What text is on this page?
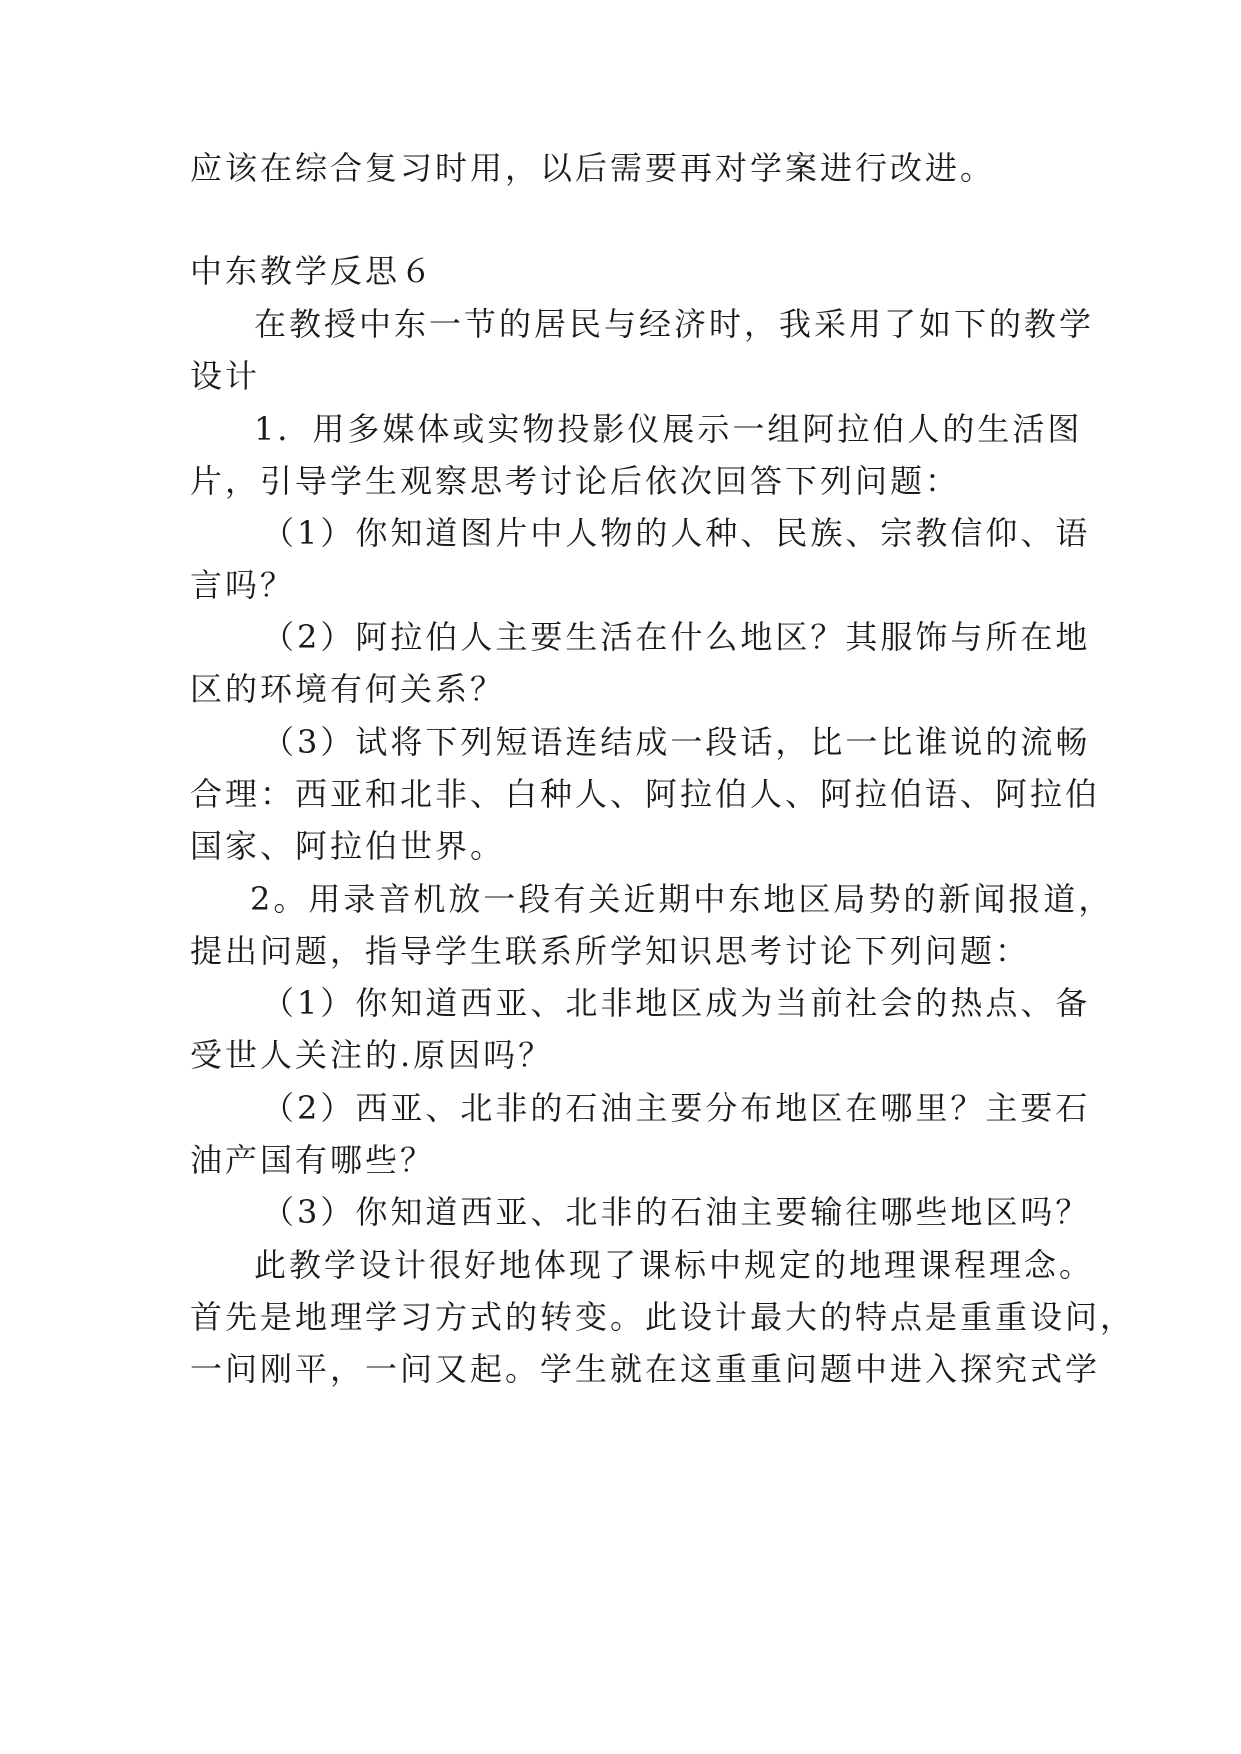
应该在综合复习时用，以后需要再对学案进行改进。
中东教学反思６
在教授中东一节的居民与经济时，我采用了如下的教学
设计
1．用多媒体或实物投影仪展示一组阿拉伯人的生活图
片，引导学生观察思考讨论后依次回答下列问题：
（1）你知道图片中人物的人种、民族、宗教信仰、语
言吗？
（2）阿拉伯人主要生活在什么地区？其服饰与所在地
区的环境有何关系？
（3）试将下列短语连结成一段话，比一比谁说的流畅
合理：西亚和北非、白种人、阿拉伯人、阿拉伯语、阿拉伯
国家、阿拉伯世界。
2。用录音机放一段有关近期中东地区局势的新闻报道，
提出问题，指导学生联系所学知识思考讨论下列问题：
（1）你知道西亚、北非地区成为当前社会的热点、备
受世人关注的.原因吗？
（2）西亚、北非的石油主要分布地区在哪里？主要石
油产国有哪些？
（3）你知道西亚、北非的石油主要输往哪些地区吗？
此教学设计很好地体现了课标中规定的地理课程理念。
首先是地理学习方式的转变。此设计最大的特点是重重设问，
一问刚平，一问又起。学生就在这重重问题中进入探究式学
